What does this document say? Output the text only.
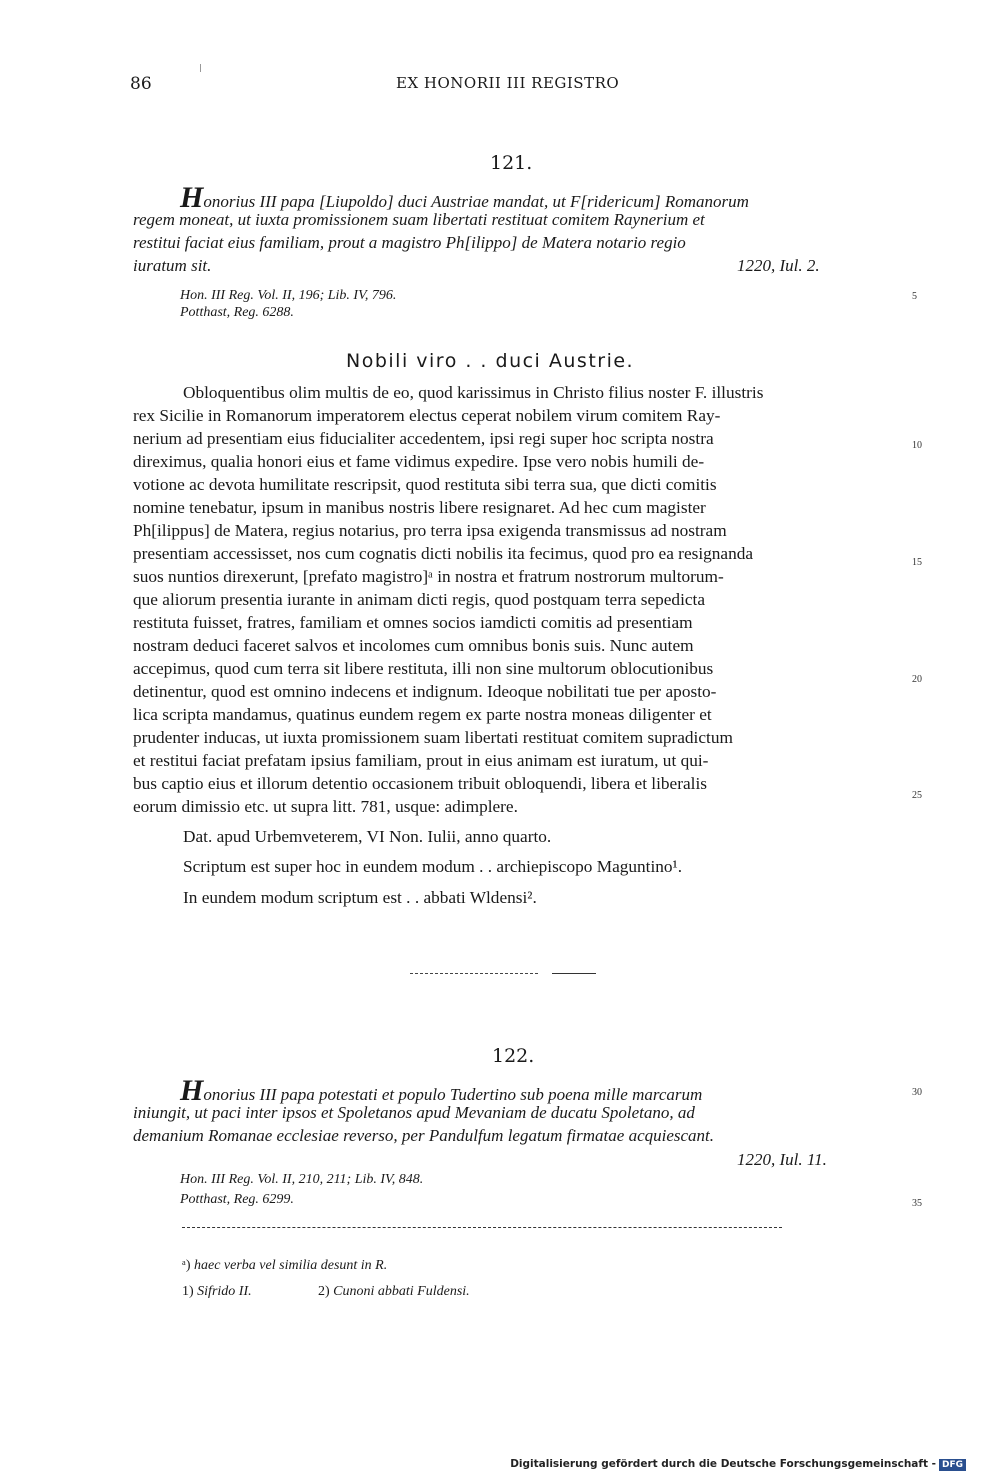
86	EX HONORII III REGISTRO
121.
Honorius III papa [Liupoldo] duci Austriae mandat, ut F[ridericum] Romanorum
regem moneat, ut iuxta promissionem suam libertati restituat comitem Raynerium et
restitui faciat eius familiam, prout a magistro Ph[ilippo] de Matera notario regio
iuratum sit.	1220, Iul. 2.
Hon. III Reg. Vol. II, 196; Lib. IV, 796.
Potthast, Reg. 6288.
Nobili viro . . duci Austrie.
Obloquentibus olim multis de eo, quod karissimus in Christo filius noster F. illustris
rex Sicilie in Romanorum imperatorem electus ceperat nobilem virum comitem Ray-
nerium ad presentiam eius fiducialiter accedentem, ipsi regi super hoc scripta nostra
direximus, qualia honori eius et fame vidimus expedire. Ipse vero nobis humili de-
votione ac devota humilitate rescripsit, quod restituta sibi terra sua, que dicti comitis
nomine tenebatur, ipsum in manibus nostris libere resignaret. Ad hec cum magister
Ph[ilippus] de Matera, regius notarius, pro terra ipsa exigenda transmissus ad nostram
presentiam accessisset, nos cum cognatis dicti nobilis ita fecimus, quod pro ea resignanda
suos nuntios direxerunt, [prefato magistro]ᵃ in nostra et fratrum nostrorum multorum-
que aliorum presentia iurante in animam dicti regis, quod postquam terra sepedicta
restituta fuisset, fratres, familiam et omnes socios iamdicti comitis ad presentiam
nostram deduci faceret salvos et incolomes cum omnibus bonis suis. Nunc autem
accepimus, quod cum terra sit libere restituta, illi non sine multorum oblocutionibus
detinentur, quod est omnino indecens et indignum. Ideoque nobilitati tue per aposto-
lica scripta mandamus, quatinus eundem regem ex parte nostra moneas diligenter et
prudenter inducas, ut iuxta promissionem suam libertati restituat comitem supradictum
et restitui faciat prefatam ipsius familiam, prout in eius animam est iuratum, ut qui-
bus captio eius et illorum detentio occasionem tribuit obloquendi, libera et liberalis
eorum dimissio etc. ut supra litt. 781, usque: adimplere.
Dat. apud Urbemveterem, VI Non. Iulii, anno quarto.
Scriptum est super hoc in eundem modum . . archiepiscopo Maguntino¹.
In eundem modum scriptum est . . abbati Wldensi².
122.
Honorius III papa potestati et populo Tudertino sub poena mille marcarum
iniungit, ut paci inter ipsos et Spoletanos apud Mevaniam de ducatu Spoletano, ad
demanium Romanae ecclesiae reverso, per Pandulfum legatum firmatae acquiescant.
1220, Iul. 11.
Hon. III Reg. Vol. II, 210, 211; Lib. IV, 848.
Potthast, Reg. 6299.
5
10
15
20
25
30
35
ᵃ) haec verba vel similia desunt in R.
1) Sifrido II.	2) Cunoni abbati Fuldensi.
Digitalisierung gefördert durch die Deutsche Forschungsgemeinschaft - DFG
